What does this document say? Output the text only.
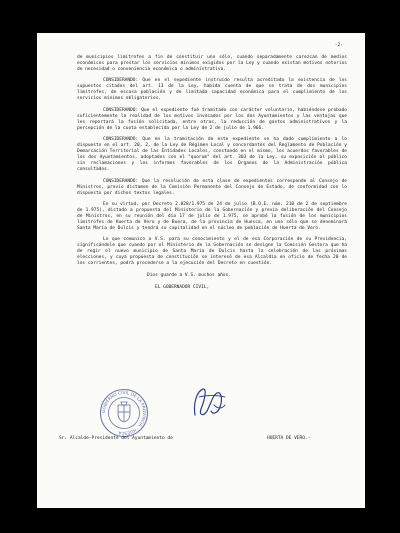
-2-

de municipios limítrofes a fin de constituir uno sólo, cuando separadamente carezcan de medios económicos para prestar los servicios mínimos exigidos por la Ley y cuando existan motivos notorios de necesidad o conveniencia económica o administrativa.

CONSIDERANDO: Que en el expediente instruído resulta acreditada la existencia de los supuestos citados del art. 13 de la Ley, habida cuenta de que se trata de dos municipios limítrofes, de escasa población y de limitada capacidad económica para el cumplimiento de los servicios mínimos obligatorios.

CONSIDERANDO: Que el expediente fué tramitado con carácter voluntario, habiéndose probado suficientemente la realidad de los motivos invocados por los dos Ayuntamientos y las ventajas que les reportará la fusión solicitada, entre otras, la reducción de gastos administrativos y la percepción de la cuota establecida por la Ley de 2 de julio de 1.966.

CONSIDERANDO: Que en la tramitación de este expediente se ha dado cumplimiento a lo dispuesto en el art. 20, 2, de la Ley de Régimen Local y concordantes del Reglamento de Población y Demarcación Territorial de las Entidades Locales, constando en el mismo, los acuerdos favorables de los dos Ayuntamientos, adoptados con el "quorum" del art. 303 de la Ley, su exposición al público sin reclamaciones y los informes favorables de los Organos de la Administración pública consultados.

CONSIDERANDO: Que la resolución de esta clase de expedientes corresponde al Consejo de Ministros, previo dictamen de la Comisión Permanente del Consejo de Estado, de conformidad con lo dispuesto por dichos textos legales.

En su virtud, por Decreto 2.028/1.975 de 24 de julio (B.O.E. núm. 210 de 2 de septiembre de 1.975), dictado a propuesta del Ministerio de la Gobernación y previa deliberación del Consejo de Ministros, en su reunión del día 17 de julio de 1.975, se aprobó la fusión de los municipios limítrofes de Huerta de Vero y de Buera, de la provincia de Huesca, en uno sólo que se denominará Santa María de Dulcis y tendrá su capitalidad en el núcleo de población de Huerta de Vero.

Lo que comunico a V.S. para su conocimiento y el de esa Corporación de su Presidencia, significándole que cuando por el Ministerio de la Gobernación se designe la Comisión Gestora que ha de regir el nuevo municipio de Santa María de Dulcis hasta la celebración de las próximas elecciones, y cuya propuesta de constitución se interesó de esa Alcaldía en oficio de fecha 20 de los corrientes, podrá procederse a la ejecución del Decreto en cuestión.

Dios guarde a V.S. muchos años.

EL GOBERNADOR CIVIL,

GOBIERNO CIVIL DE LA PROVINCIA · HUESCA
Sr. Alcalde-Presidente del Ayuntamiento de	HUERTA DE VERO.-
